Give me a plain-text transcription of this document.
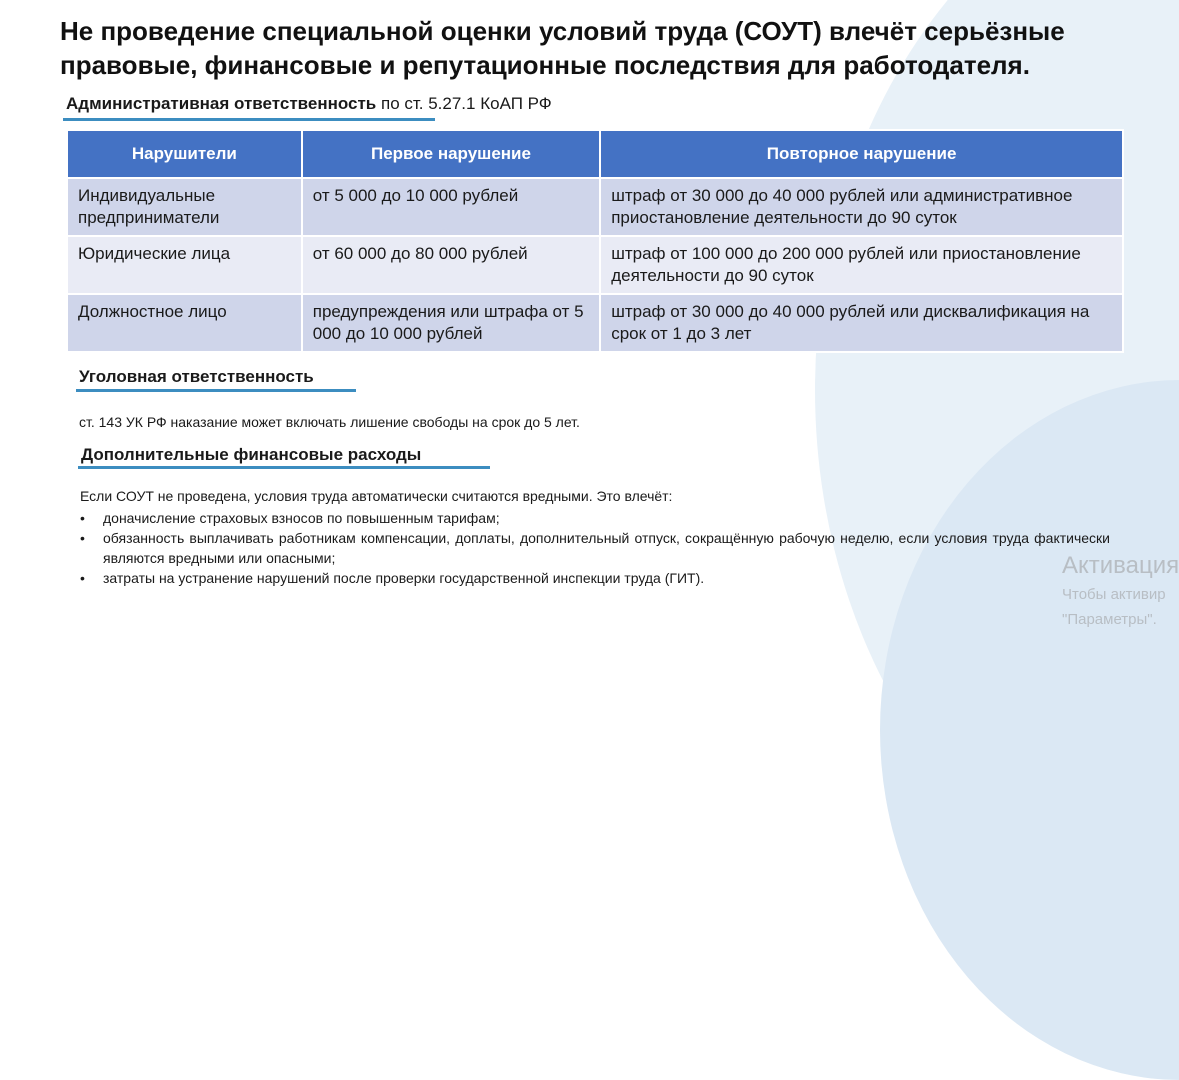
Не проведение специальной оценки условий труда (СОУТ) влечёт серьёзные правовые, финансовые и репутационные последствия для работодателя.
Административная ответственность по ст. 5.27.1 КоАП РФ
Нарушители	Первое нарушение	Повторное нарушение
Индивидуальные предприниматели	от 5 000 до 10 000 рублей	штраф от 30 000 до 40 000 рублей или административное приостановление деятельности до 90 суток
Юридические лица	от 60 000 до 80 000 рублей	штраф от 100 000 до 200 000 рублей или приостановление деятельности до 90 суток
Должностное лицо	предупреждения или штрафа от 5 000 до 10 000 рублей	штраф от 30 000 до 40 000 рублей или дисквалификация на срок от 1 до 3 лет
Уголовная ответственность
ст. 143 УК РФ наказание может включать лишение свободы на срок до 5 лет.
Дополнительные финансовые расходы
Если СОУТ не проведена, условия труда автоматически считаются вредными. Это влечёт:
• доначисление страховых взносов по повышенным тарифам;
• обязанность выплачивать работникам компенсации, доплаты, дополнительный отпуск, сокращённую рабочую неделю, если условия труда фактически являются вредными или опасными;
• затраты на устранение нарушений после проверки государственной инспекции труда (ГИТ).	Активация
Чтобы активир
"Параметры".
